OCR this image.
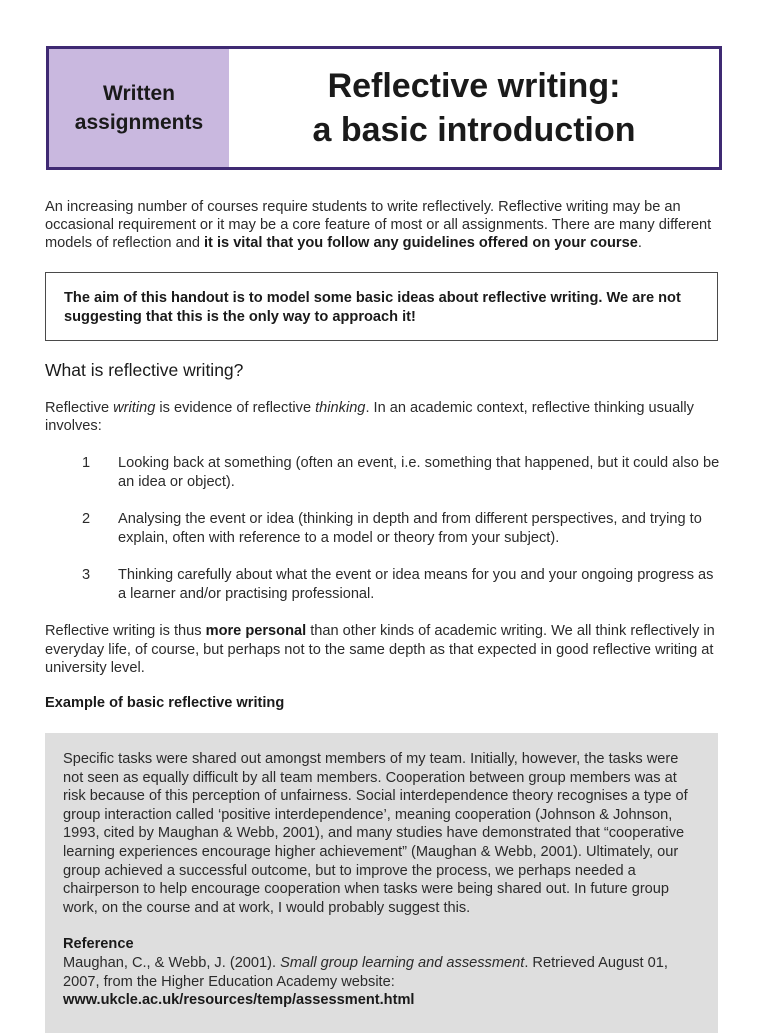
Written
assignments
Reflective writing:
a basic introduction

An increasing number of courses require students to write reflectively. Reflective writing may be an occasional requirement or it may be a core feature of most or all assignments. There are many different models of reflection and it is vital that you follow any guidelines offered on your course.

The aim of this handout is to model some basic ideas about reflective writing. We are not suggesting that this is the only way to approach it!
What is reflective writing?

Reflective writing is evidence of reflective thinking. In an academic context, reflective thinking usually involves:

1 Looking back at something (often an event, i.e. something that happened, but it could also be an idea or object).
2 Analysing the event or idea (thinking in depth and from different perspectives, and trying to explain, often with reference to a model or theory from your subject).
3 Thinking carefully about what the event or idea means for you and your ongoing progress as a learner and/or practising professional.

Reflective writing is thus more personal than other kinds of academic writing. We all think reflectively in everyday life, of course, but perhaps not to the same depth as that expected in good reflective writing at university level.

Example of basic reflective writing

Specific tasks were shared out amongst members of my team. Initially, however, the tasks were not seen as equally difficult by all team members. Cooperation between group members was at risk because of this perception of unfairness. Social interdependence theory recognises a type of group interaction called ‘positive interdependence’, meaning cooperation (Johnson & Johnson, 1993, cited by Maughan & Webb, 2001), and many studies have demonstrated that “cooperative learning experiences encourage higher achievement” (Maughan & Webb, 2001). Ultimately, our group achieved a successful outcome, but to improve the process, we perhaps needed a chairperson to help encourage cooperation when tasks were being shared out. In future group work, on the course and at work, I would probably suggest this.

Reference

Maughan, C., & Webb, J. (2001). Small group learning and assessment. Retrieved August 01, 2007, from the Higher Education Academy website:

www.ukcle.ac.uk/resources/temp/assessment.html
